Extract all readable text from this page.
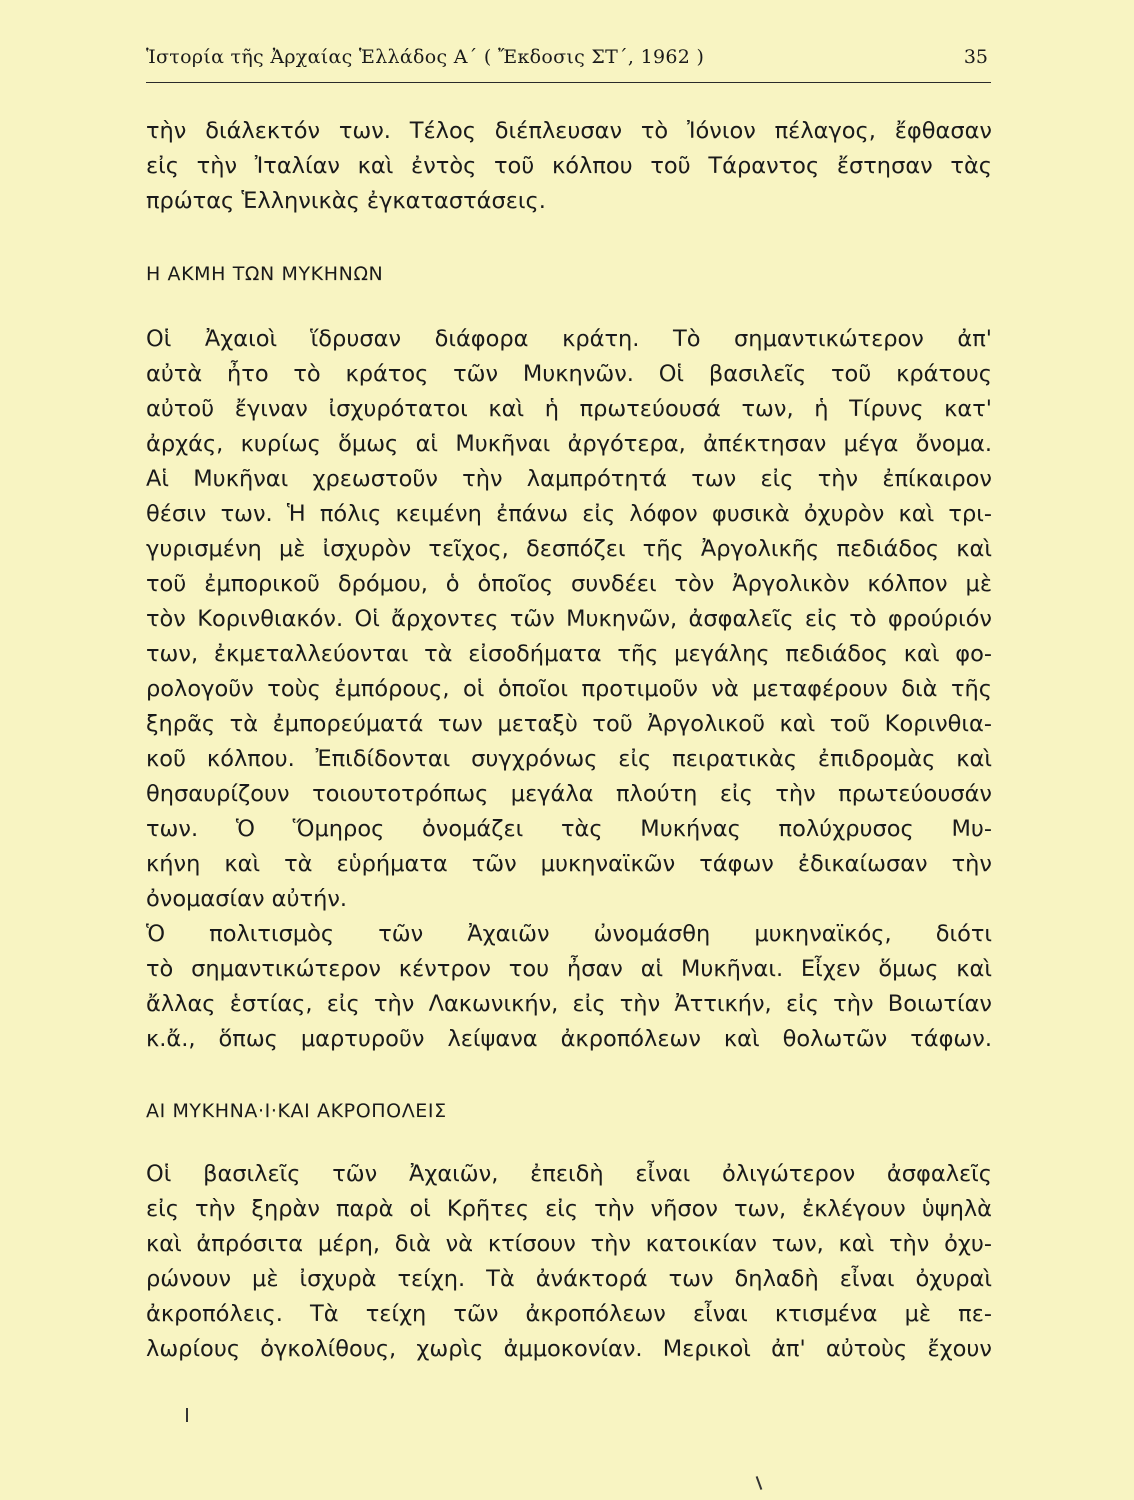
Ἱστορία τῆς Ἀρχαίας Ἑλλάδος Α΄ ( Ἔκδοσις ΣΤ΄, 1962 )	35
τὴν διάλεκτόν των. Τέλος διέπλευσαν τὸ Ἰόνιον πέλαγος, ἔφθασαν
εἰς τὴν Ἰταλίαν καὶ ἐντὸς τοῦ κόλπου τοῦ Τάραντος ἔστησαν τὰς
πρώτας Ἑλληνικὰς ἐγκαταστάσεις.
Η ΑΚΜΗ ΤΩΝ ΜΥΚΗΝΩΝ
Οἱ Ἀχαιοὶ ἵδρυσαν διάφορα κράτη. Τὸ σημαντικώτερον ἀπ'
αὐτὰ ἦτο τὸ κράτος τῶν Μυκηνῶν. Οἱ βασιλεῖς τοῦ κράτους
αὐτοῦ ἔγιναν ἰσχυρότατοι καὶ ἡ πρωτεύουσά των, ἡ Τίρυνς κατ'
ἀρχάς, κυρίως ὅμως αἱ Μυκῆναι ἀργότερα, ἀπέκτησαν μέγα ὄνομα.
Αἱ Μυκῆναι χρεωστοῦν τὴν λαμπρότητά των εἰς τὴν ἐπίκαιρον
θέσιν των. Ἡ πόλις κειμένη ἐπάνω εἰς λόφον φυσικὰ ὀχυρὸν καὶ τρι-
γυρισμένη μὲ ἰσχυρὸν τεῖχος, δεσπόζει τῆς Ἀργολικῆς πεδιάδος καὶ
τοῦ ἐμπορικοῦ δρόμου, ὁ ὁποῖος συνδέει τὸν Ἀργολικὸν κόλπον μὲ
τὸν Κορινθιακόν. Οἱ ἄρχοντες τῶν Μυκηνῶν, ἀσφαλεῖς εἰς τὸ φρούριόν
των, ἐκμεταλλεύονται τὰ εἰσοδήματα τῆς μεγάλης πεδιάδος καὶ φο-
ρολογοῦν τοὺς ἐμπόρους, οἱ ὁποῖοι προτιμοῦν νὰ μεταφέρουν διὰ τῆς
ξηρᾶς τὰ ἐμπορεύματά των μεταξὺ τοῦ Ἀργολικοῦ καὶ τοῦ Κορινθια-
κοῦ κόλπου. Ἐπιδίδονται συγχρόνως εἰς πειρατικὰς ἐπιδρομὰς καὶ
θησαυρίζουν τοιουτοτρόπως μεγάλα πλούτη εἰς τὴν πρωτεύουσάν
των. Ὁ Ὅμηρος ὀνομάζει τὰς Μυκήνας πολύχρυσος Μυ-
κήνη καὶ τὰ εὑρήματα τῶν μυκηναϊκῶν τάφων ἐδικαίωσαν τὴν
ὀνομασίαν αὐτήν.
Ὁ πολιτισμὸς τῶν Ἀχαιῶν ὠνομάσθη μυκηναϊκός, διότι
τὸ σημαντικώτερον κέντρον του ἦσαν αἱ Μυκῆναι. Εἶχεν ὅμως καὶ
ἄλλας ἑστίας, εἰς τὴν Λακωνικήν, εἰς τὴν Ἀττικήν, εἰς τὴν Βοιωτίαν
κ.ἄ., ὅπως μαρτυροῦν λείψανα ἀκροπόλεων καὶ θολωτῶν τάφων.
ΑΙ ΜΥΚΗΝΑ·Ι·ΚΑΙ ΑΚΡΟΠΟΛΕΙΣ
Οἱ βασιλεῖς τῶν Ἀχαιῶν, ἐπειδὴ εἶναι ὀλιγώτερον ἀσφαλεῖς
εἰς τὴν ξηρὰν παρὰ οἱ Κρῆτες εἰς τὴν νῆσον των, ἐκλέγουν ὑψηλὰ
καὶ ἀπρόσιτα μέρη, διὰ νὰ κτίσουν τὴν κατοικίαν των, καὶ τὴν ὀχυ-
ρώνουν μὲ ἰσχυρὰ τείχη. Τὰ ἀνάκτορά των δηλαδὴ εἶναι ὀχυραὶ
ἀκροπόλεις. Τὰ τείχη τῶν ἀκροπόλεων εἶναι κτισμένα μὲ πε-
λωρίους ὀγκολίθους, χωρὶς ἀμμοκονίαν. Μερικοὶ ἀπ' αὐτοὺς ἔχουν
